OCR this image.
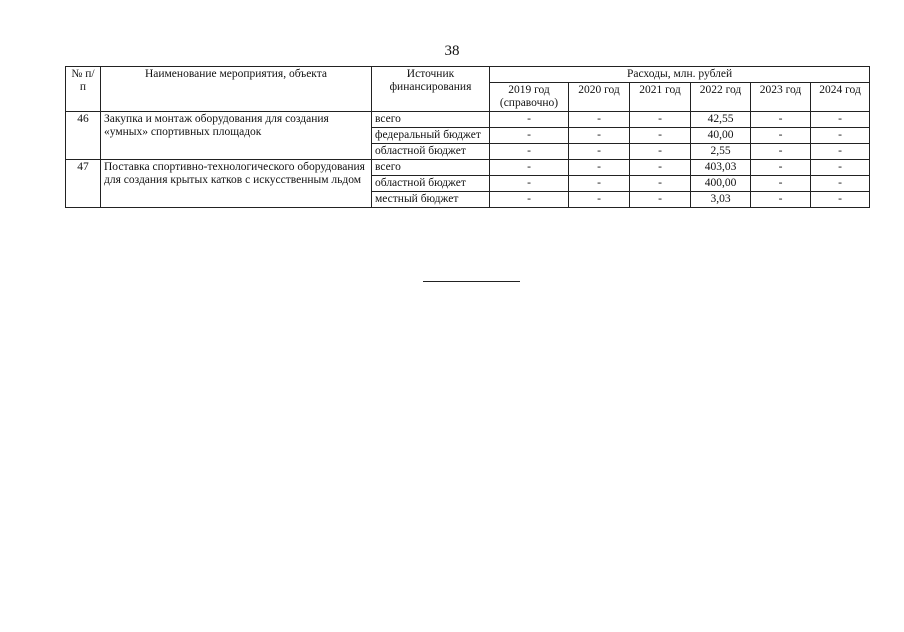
38
№ п/п	Наименование мероприятия, объекта	Источник финансирования	Расходы, млн. рублей					
			2019 год (справочно)	2020 год	2021 год	2022 год	2023 год	2024 год
46	Закупка и монтаж оборудования для создания «умных» спортивных площадок	всего	-	-	-	42,55	-	-
		федеральный бюджет	-	-	-	40,00	-	-
		областной бюджет	-	-	-	2,55	-	-
47	Поставка спортивно-технологического оборудования для создания крытых катков с искусственным льдом	всего	-	-	-	403,03	-	-
		областной бюджет	-	-	-	400,00	-	-
		местный бюджет	-	-	-	3,03	-	-
